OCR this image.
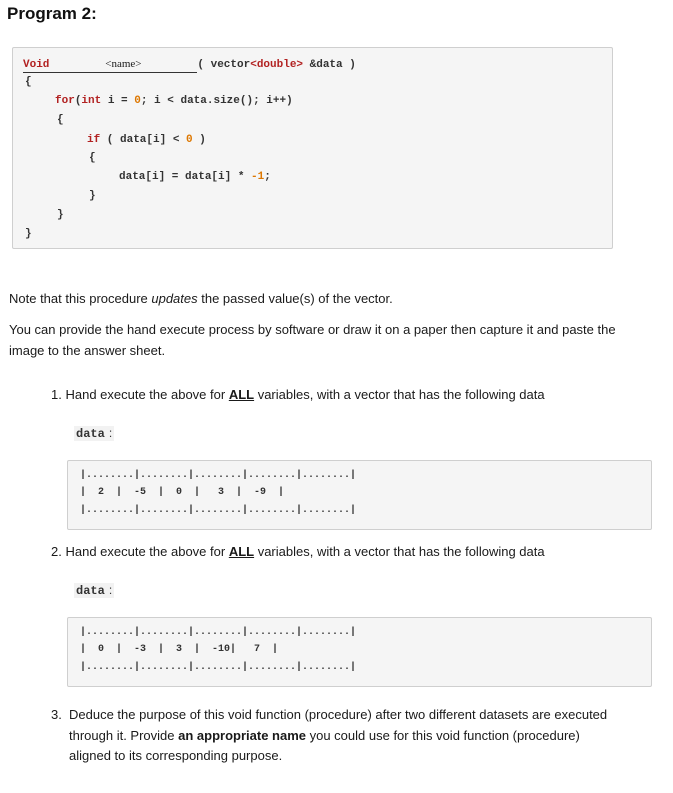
Program 2:
Void	<name>	( vector<double> &data )
{
for(int i = 0; i < data.size(); i++)
{
if ( data[i] < 0 )
{
data[i] = data[i] * -1;
}
}
}
Note that this procedure updates the passed value(s) of the vector.
You can provide the hand execute process by software or draw it on a paper then capture it and paste the
image to the answer sheet.
1. Hand execute the above for ALL variables, with a vector that has the following data
data :
|........|........|........|........|........|
|  2  |  -5  |  0  |   3  |  -9  |
|........|........|........|........|........|
2. Hand execute the above for ALL variables, with a vector that has the following data
data :
|........|........|........|........|........|
|  0  |  -3  |  3  |  -10|   7  |
|........|........|........|........|........|
3. Deduce the purpose of this void function (procedure) after two different datasets are executed
through it. Provide an appropriate name you could use for this void function (procedure)
aligned to its corresponding purpose.
